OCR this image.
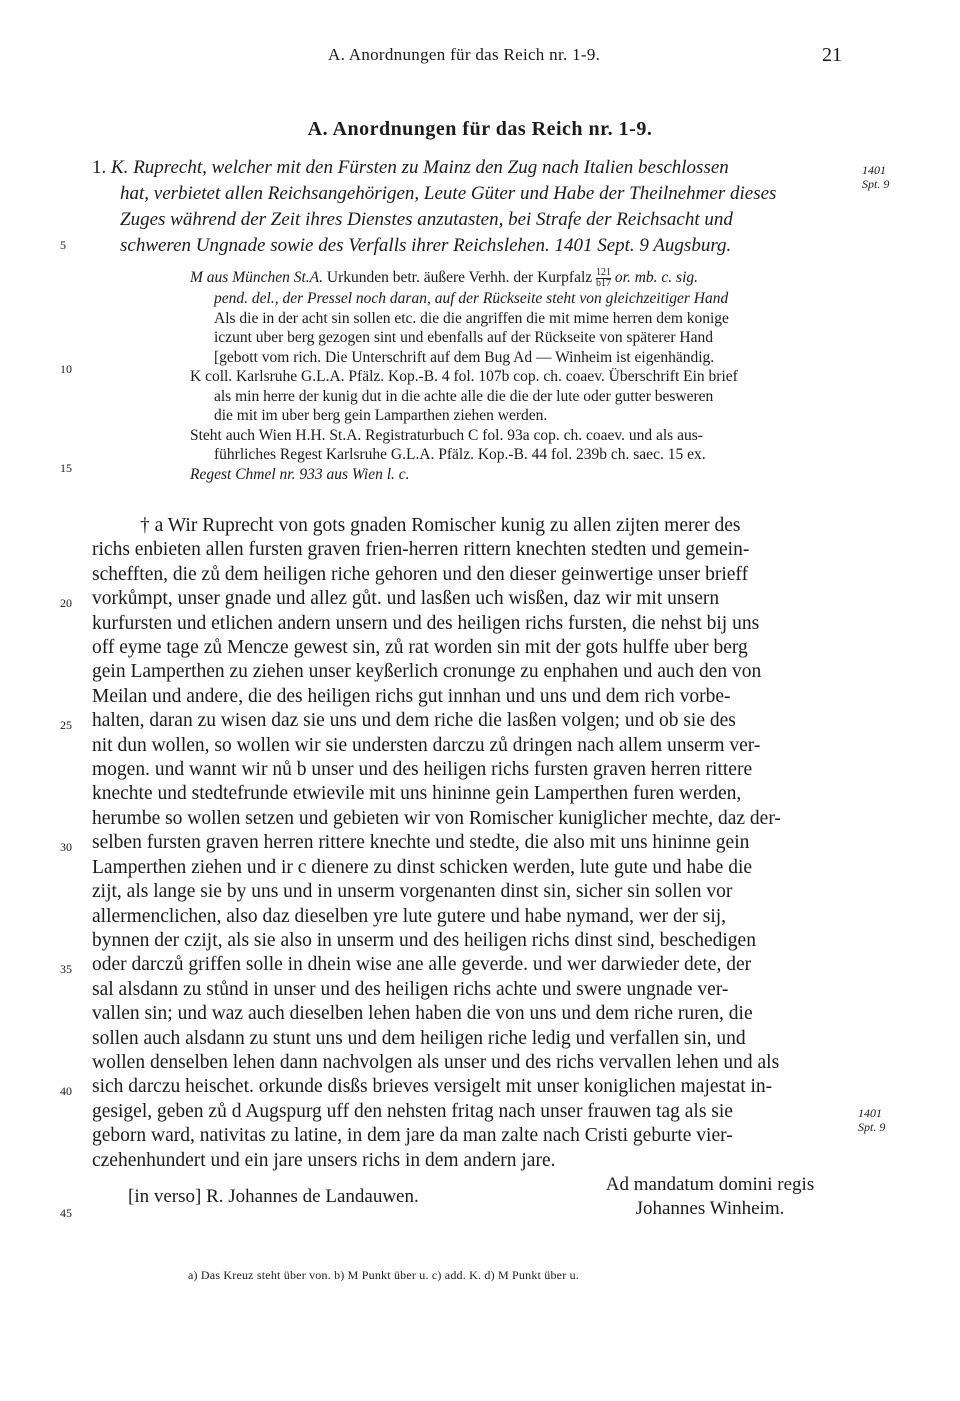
A. Anordnungen für das Reich nr. 1-9.	21
A. Anordnungen für das Reich nr. 1-9.
1. K. Ruprecht, welcher mit den Fürsten zu Mainz den Zug nach Italien beschlossen
hat, verbietet allen Reichsangehörigen, Leute Güter und Habe der Theilnehmer dieses
Zuges während der Zeit ihres Dienstes anzutasten, bei Strafe der Reichsacht und
schweren Ungnade sowie des Verfalls ihrer Reichslehen. 1401 Sept. 9 Augsburg.
1401
Spt. 9
1401
Spt. 9
5
10
15
20
25
30
35
40
45
M aus München St.A. Urkunden betr. äußere Verhh. der Kurpfalz $\frac{121}{b17}$ or. mb. c. sig.
pend. del., der Pressel noch daran, auf der Rückseite steht von gleichzeitiger Hand
Als die in der acht sin sollen etc. die die angriffen die mit mime herren dem konige
iczunt uber berg gezogen sint und ebenfalls auf der Rückseite von späterer Hand
[gebott vom rich. Die Unterschrift auf dem Bug Ad — Winheim ist eigenhändig.
K coll. Karlsruhe G.L.A. Pfälz. Kop.-B. 4 fol. 107b cop. ch. coaev. Überschrift Ein brief
als min herre der kunig dut in die achte alle die die der lute oder gutter besweren
die mit im uber berg gein Lamparthen ziehen werden.
Steht auch Wien H.H. St.A. Registraturbuch C fol. 93a cop. ch. coaev. und als aus-
führliches Regest Karlsruhe G.L.A. Pfälz. Kop.-B. 44 fol. 239b ch. saec. 15 ex.
Regest Chmel nr. 933 aus Wien l. c.
† a Wir Ruprecht von gots gnaden Romischer kunig zu allen zijten merer des
richs enbieten allen fursten graven frien-herren rittern knechten stedten und gemein-
schefften, die zů dem heiligen riche gehoren und den dieser geinwertige unser brieff
vorkůmpt, unser gnade und allez gůt. und lasßen uch wisßen, daz wir mit unsern
kurfursten und etlichen andern unsern und des heiligen richs fursten, die nehst bij uns
off eyme tage zů Mencze gewest sin, zů rat worden sin mit der gots hulffe uber berg
gein Lamperthen zu ziehen unser keyßerlich cronunge zu enphahen und auch den von
Meilan und andere, die des heiligen richs gut innhan und uns und dem rich vorbe-
halten, daran zu wisen daz sie uns und dem riche die lasßen volgen; und ob sie des
nit dun wollen, so wollen wir sie understen darczu zů dringen nach allem unserm ver-
mogen. und wannt wir nů b unser und des heiligen richs fursten graven herren rittere
knechte und stedtefrunde etwievile mit uns hininne gein Lamperthen furen werden,
herumbe so wollen setzen und gebieten wir von Romischer kuniglicher mechte, daz der-
selben fursten graven herren rittere knechte und stedte, die also mit uns hininne gein
Lamperthen ziehen und ir c dienere zu dinst schicken werden, lute gute und habe die
zijt, als lange sie by uns und in unserm vorgenanten dinst sin, sicher sin sollen vor
allermenclichen, also daz dieselben yre lute gutere und habe nymand, wer der sij,
bynnen der czijt, als sie also in unserm und des heiligen richs dinst sind, beschedigen
oder darczů griffen solle in dhein wise ane alle geverde. und wer darwieder dete, der
sal alsdann zu stůnd in unser und des heiligen richs achte und swere ungnade ver-
vallen sin; und waz auch dieselben lehen haben die von uns und dem riche ruren, die
sollen auch alsdann zu stunt uns und dem heiligen riche ledig und verfallen sin, und
wollen denselben lehen dann nachvolgen als unser und des richs vervallen lehen und als
sich darczu heischet. orkunde disßs brieves versigelt mit unser koniglichen majestat in-
gesigel, geben zů d Augspurg uff den nehsten fritag nach unser frauwen tag als sie
geborn ward, nativitas zu latine, in dem jare da man zalte nach Cristi geburte vier-
czehenhundert und ein jare unsers richs in dem andern jare.
[in verso] R. Johannes de Landauwen.
Ad mandatum domini regis
Johannes Winheim.
a) Das Kreuz steht über von. b) M Punkt über u. c) add. K. d) M Punkt über u.
